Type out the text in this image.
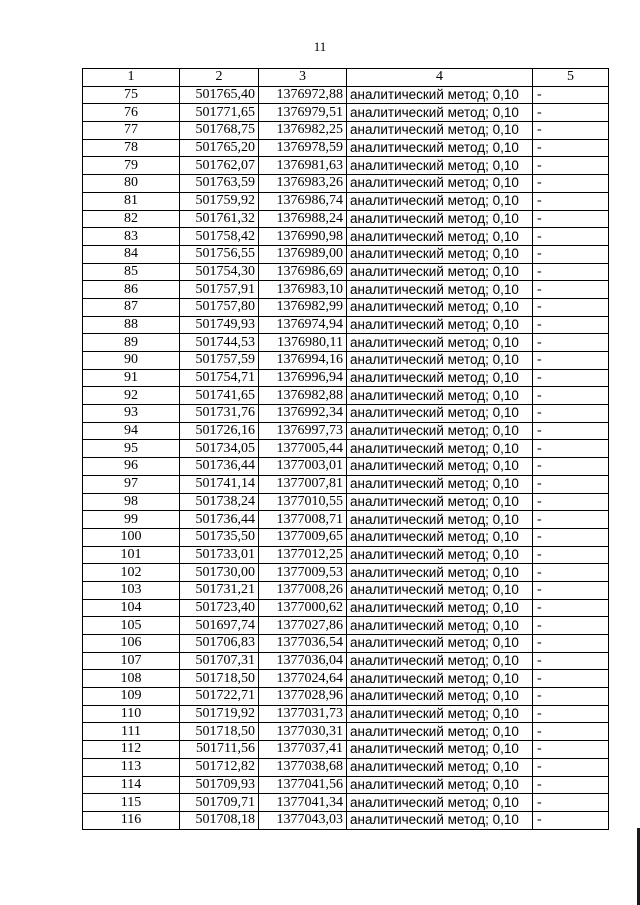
11
1	2	3	4	5
75	501765,40	1376972,88	аналитический метод; 0,10	-
76	501771,65	1376979,51	аналитический метод; 0,10	-
77	501768,75	1376982,25	аналитический метод; 0,10	-
78	501765,20	1376978,59	аналитический метод; 0,10	-
79	501762,07	1376981,63	аналитический метод; 0,10	-
80	501763,59	1376983,26	аналитический метод; 0,10	-
81	501759,92	1376986,74	аналитический метод; 0,10	-
82	501761,32	1376988,24	аналитический метод; 0,10	-
83	501758,42	1376990,98	аналитический метод; 0,10	-
84	501756,55	1376989,00	аналитический метод; 0,10	-
85	501754,30	1376986,69	аналитический метод; 0,10	-
86	501757,91	1376983,10	аналитический метод; 0,10	-
87	501757,80	1376982,99	аналитический метод; 0,10	-
88	501749,93	1376974,94	аналитический метод; 0,10	-
89	501744,53	1376980,11	аналитический метод; 0,10	-
90	501757,59	1376994,16	аналитический метод; 0,10	-
91	501754,71	1376996,94	аналитический метод; 0,10	-
92	501741,65	1376982,88	аналитический метод; 0,10	-
93	501731,76	1376992,34	аналитический метод; 0,10	-
94	501726,16	1376997,73	аналитический метод; 0,10	-
95	501734,05	1377005,44	аналитический метод; 0,10	-
96	501736,44	1377003,01	аналитический метод; 0,10	-
97	501741,14	1377007,81	аналитический метод; 0,10	-
98	501738,24	1377010,55	аналитический метод; 0,10	-
99	501736,44	1377008,71	аналитический метод; 0,10	-
100	501735,50	1377009,65	аналитический метод; 0,10	-
101	501733,01	1377012,25	аналитический метод; 0,10	-
102	501730,00	1377009,53	аналитический метод; 0,10	-
103	501731,21	1377008,26	аналитический метод; 0,10	-
104	501723,40	1377000,62	аналитический метод; 0,10	-
105	501697,74	1377027,86	аналитический метод; 0,10	-
106	501706,83	1377036,54	аналитический метод; 0,10	-
107	501707,31	1377036,04	аналитический метод; 0,10	-
108	501718,50	1377024,64	аналитический метод; 0,10	-
109	501722,71	1377028,96	аналитический метод; 0,10	-
110	501719,92	1377031,73	аналитический метод; 0,10	-
111	501718,50	1377030,31	аналитический метод; 0,10	-
112	501711,56	1377037,41	аналитический метод; 0,10	-
113	501712,82	1377038,68	аналитический метод; 0,10	-
114	501709,93	1377041,56	аналитический метод; 0,10	-
115	501709,71	1377041,34	аналитический метод; 0,10	-
116	501708,18	1377043,03	аналитический метод; 0,10	-
